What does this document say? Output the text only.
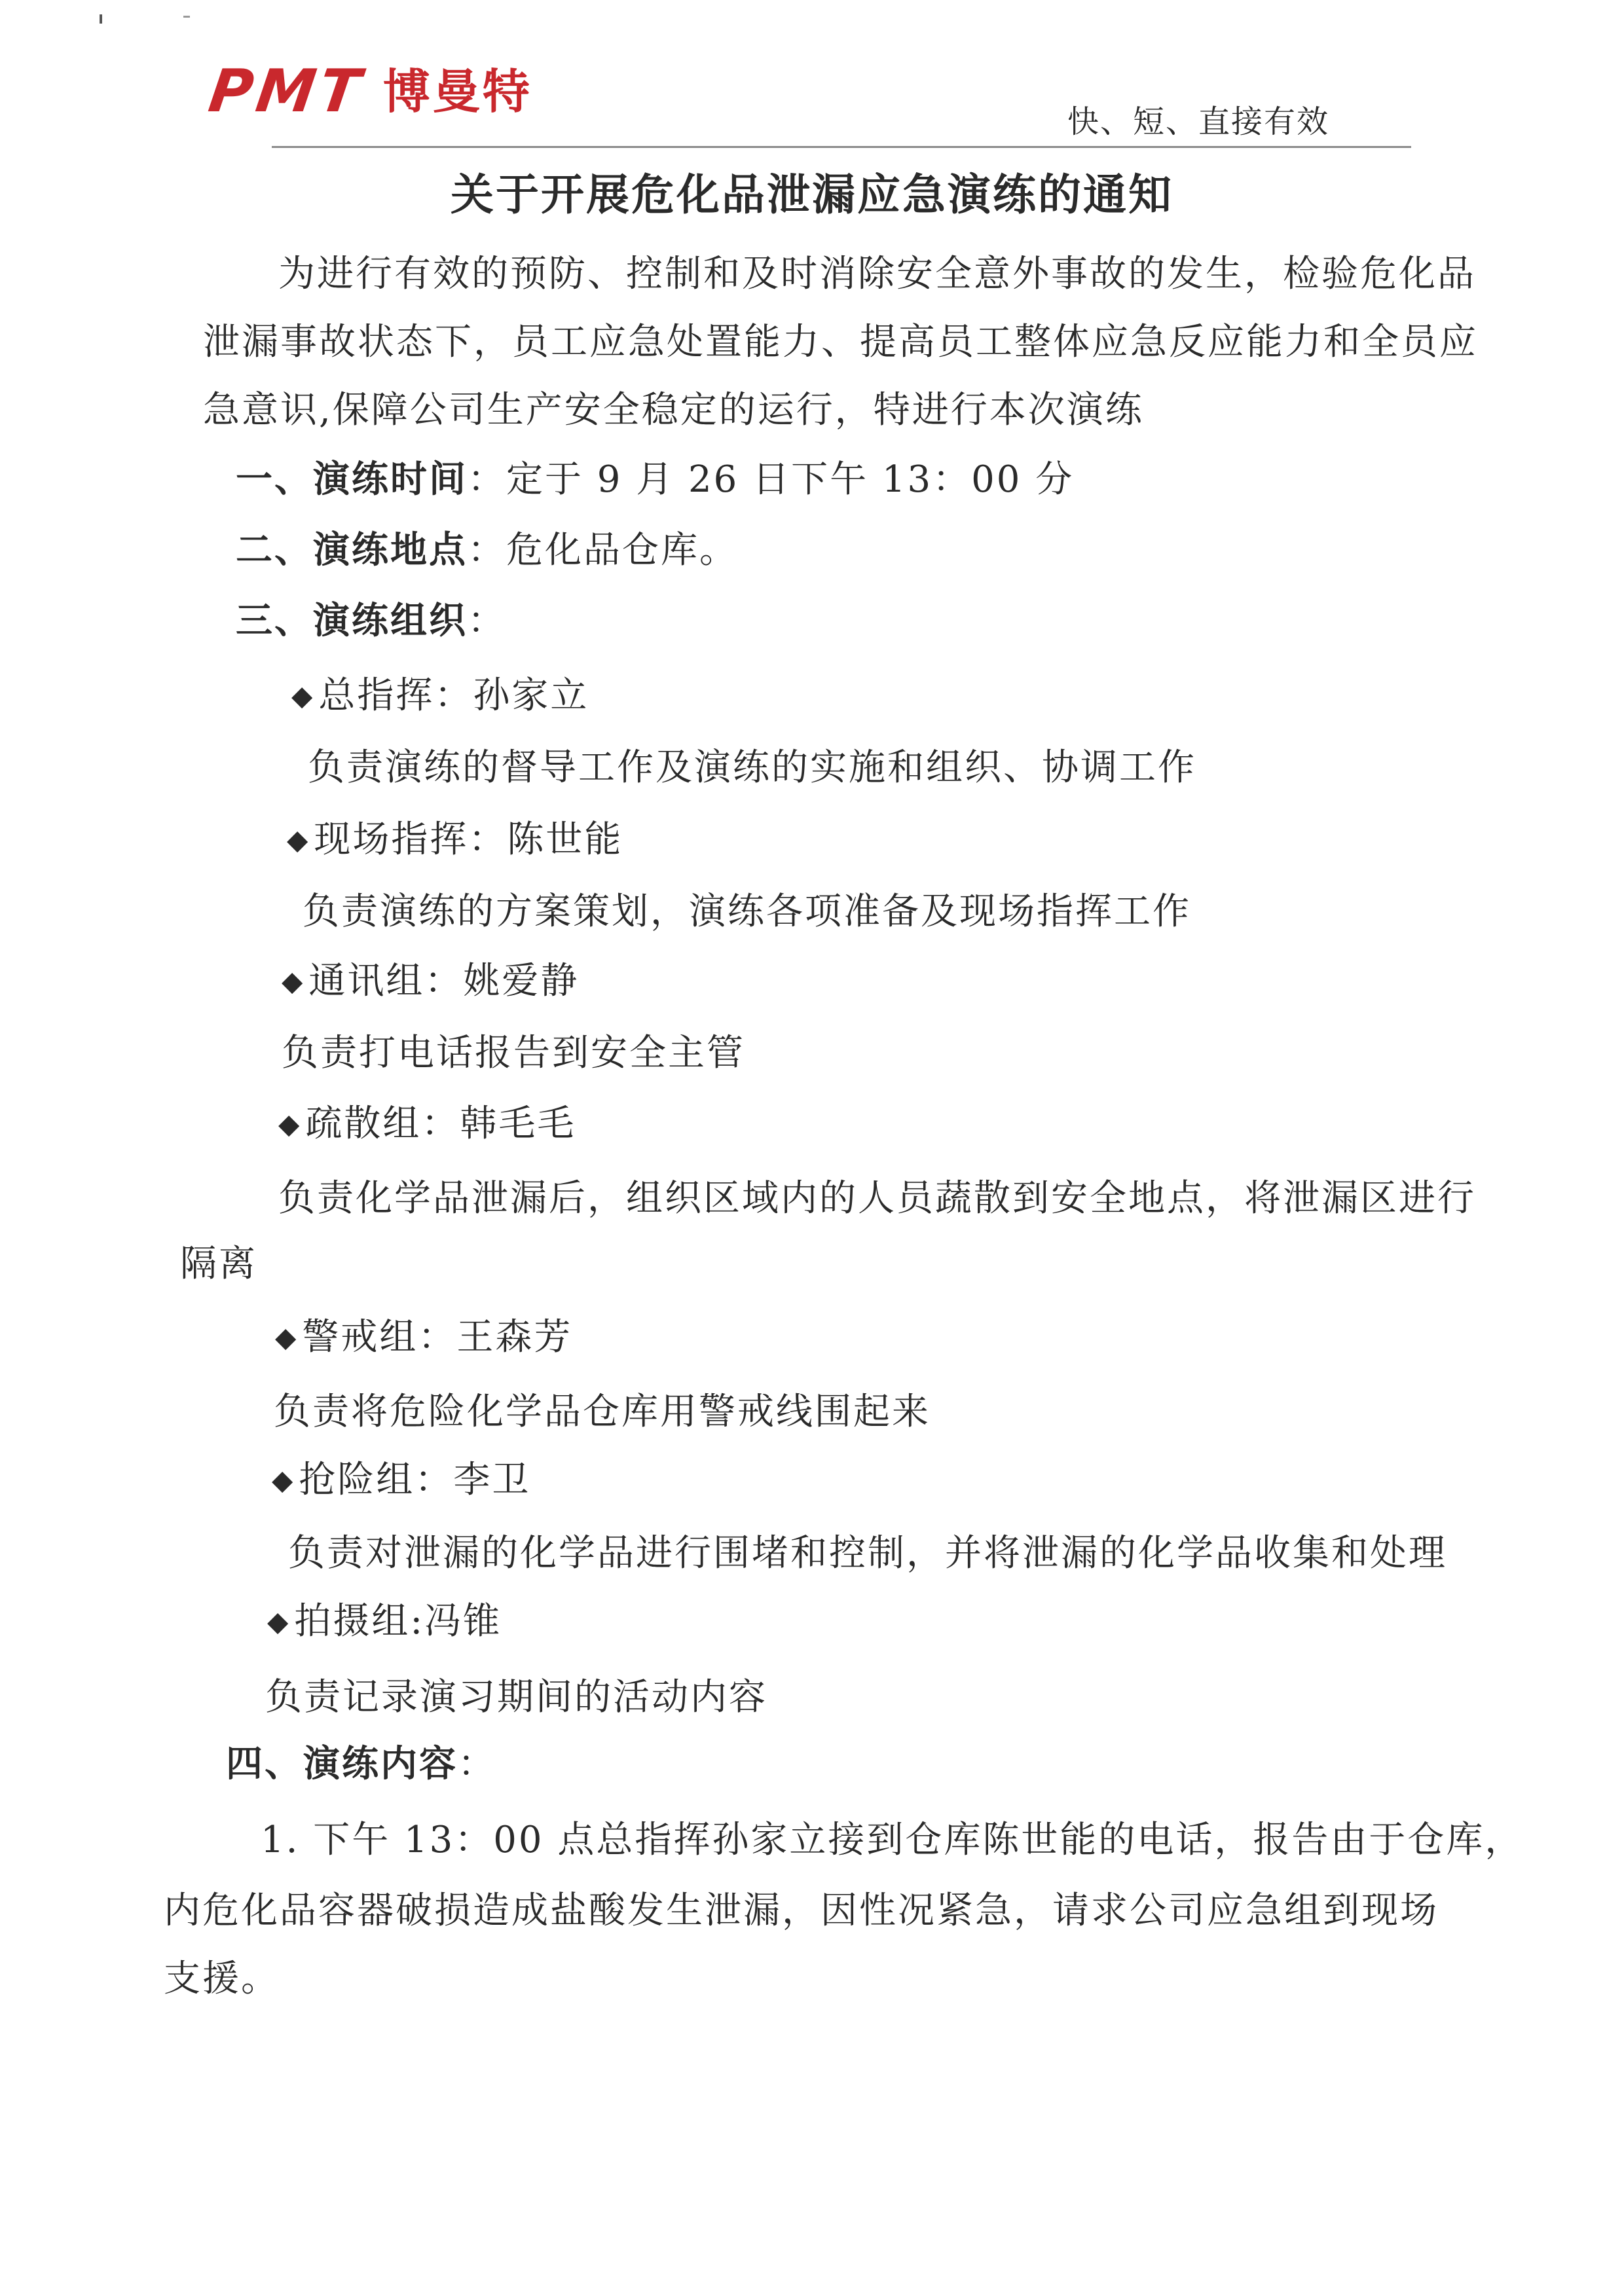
PMT 博曼特
快、短、直接有效
关于开展危化品泄漏应急演练的通知
为进行有效的预防、控制和及时消除安全意外事故的发生，检验危化品
泄漏事故状态下，员工应急处置能力、提高员工整体应急反应能力和全员应
急意识,保障公司生产安全稳定的运行，特进行本次演练
一、演练时间：定于 9 月 26 日下午 13：00 分
二、演练地点：危化品仓库。
三、演练组织：
◆ 总指挥：孙家立
负责演练的督导工作及演练的实施和组织、协调工作
◆ 现场指挥：陈世能
负责演练的方案策划，演练各项准备及现场指挥工作
◆ 通讯组：姚爱静
负责打电话报告到安全主管
◆ 疏散组：韩毛毛
负责化学品泄漏后，组织区域内的人员蔬散到安全地点，将泄漏区进行
隔离
◆ 警戒组：王森芳
负责将危险化学品仓库用警戒线围起来
◆ 抢险组：李卫
负责对泄漏的化学品进行围堵和控制，并将泄漏的化学品收集和处理
◆ 拍摄组:冯锥
负责记录演习期间的活动内容
四、演练内容：
1. 下午 13：00 点总指挥孙家立接到仓库陈世能的电话，报告由于仓库，
内危化品容器破损造成盐酸发生泄漏，因性况紧急，请求公司应急组到现场
支援。
